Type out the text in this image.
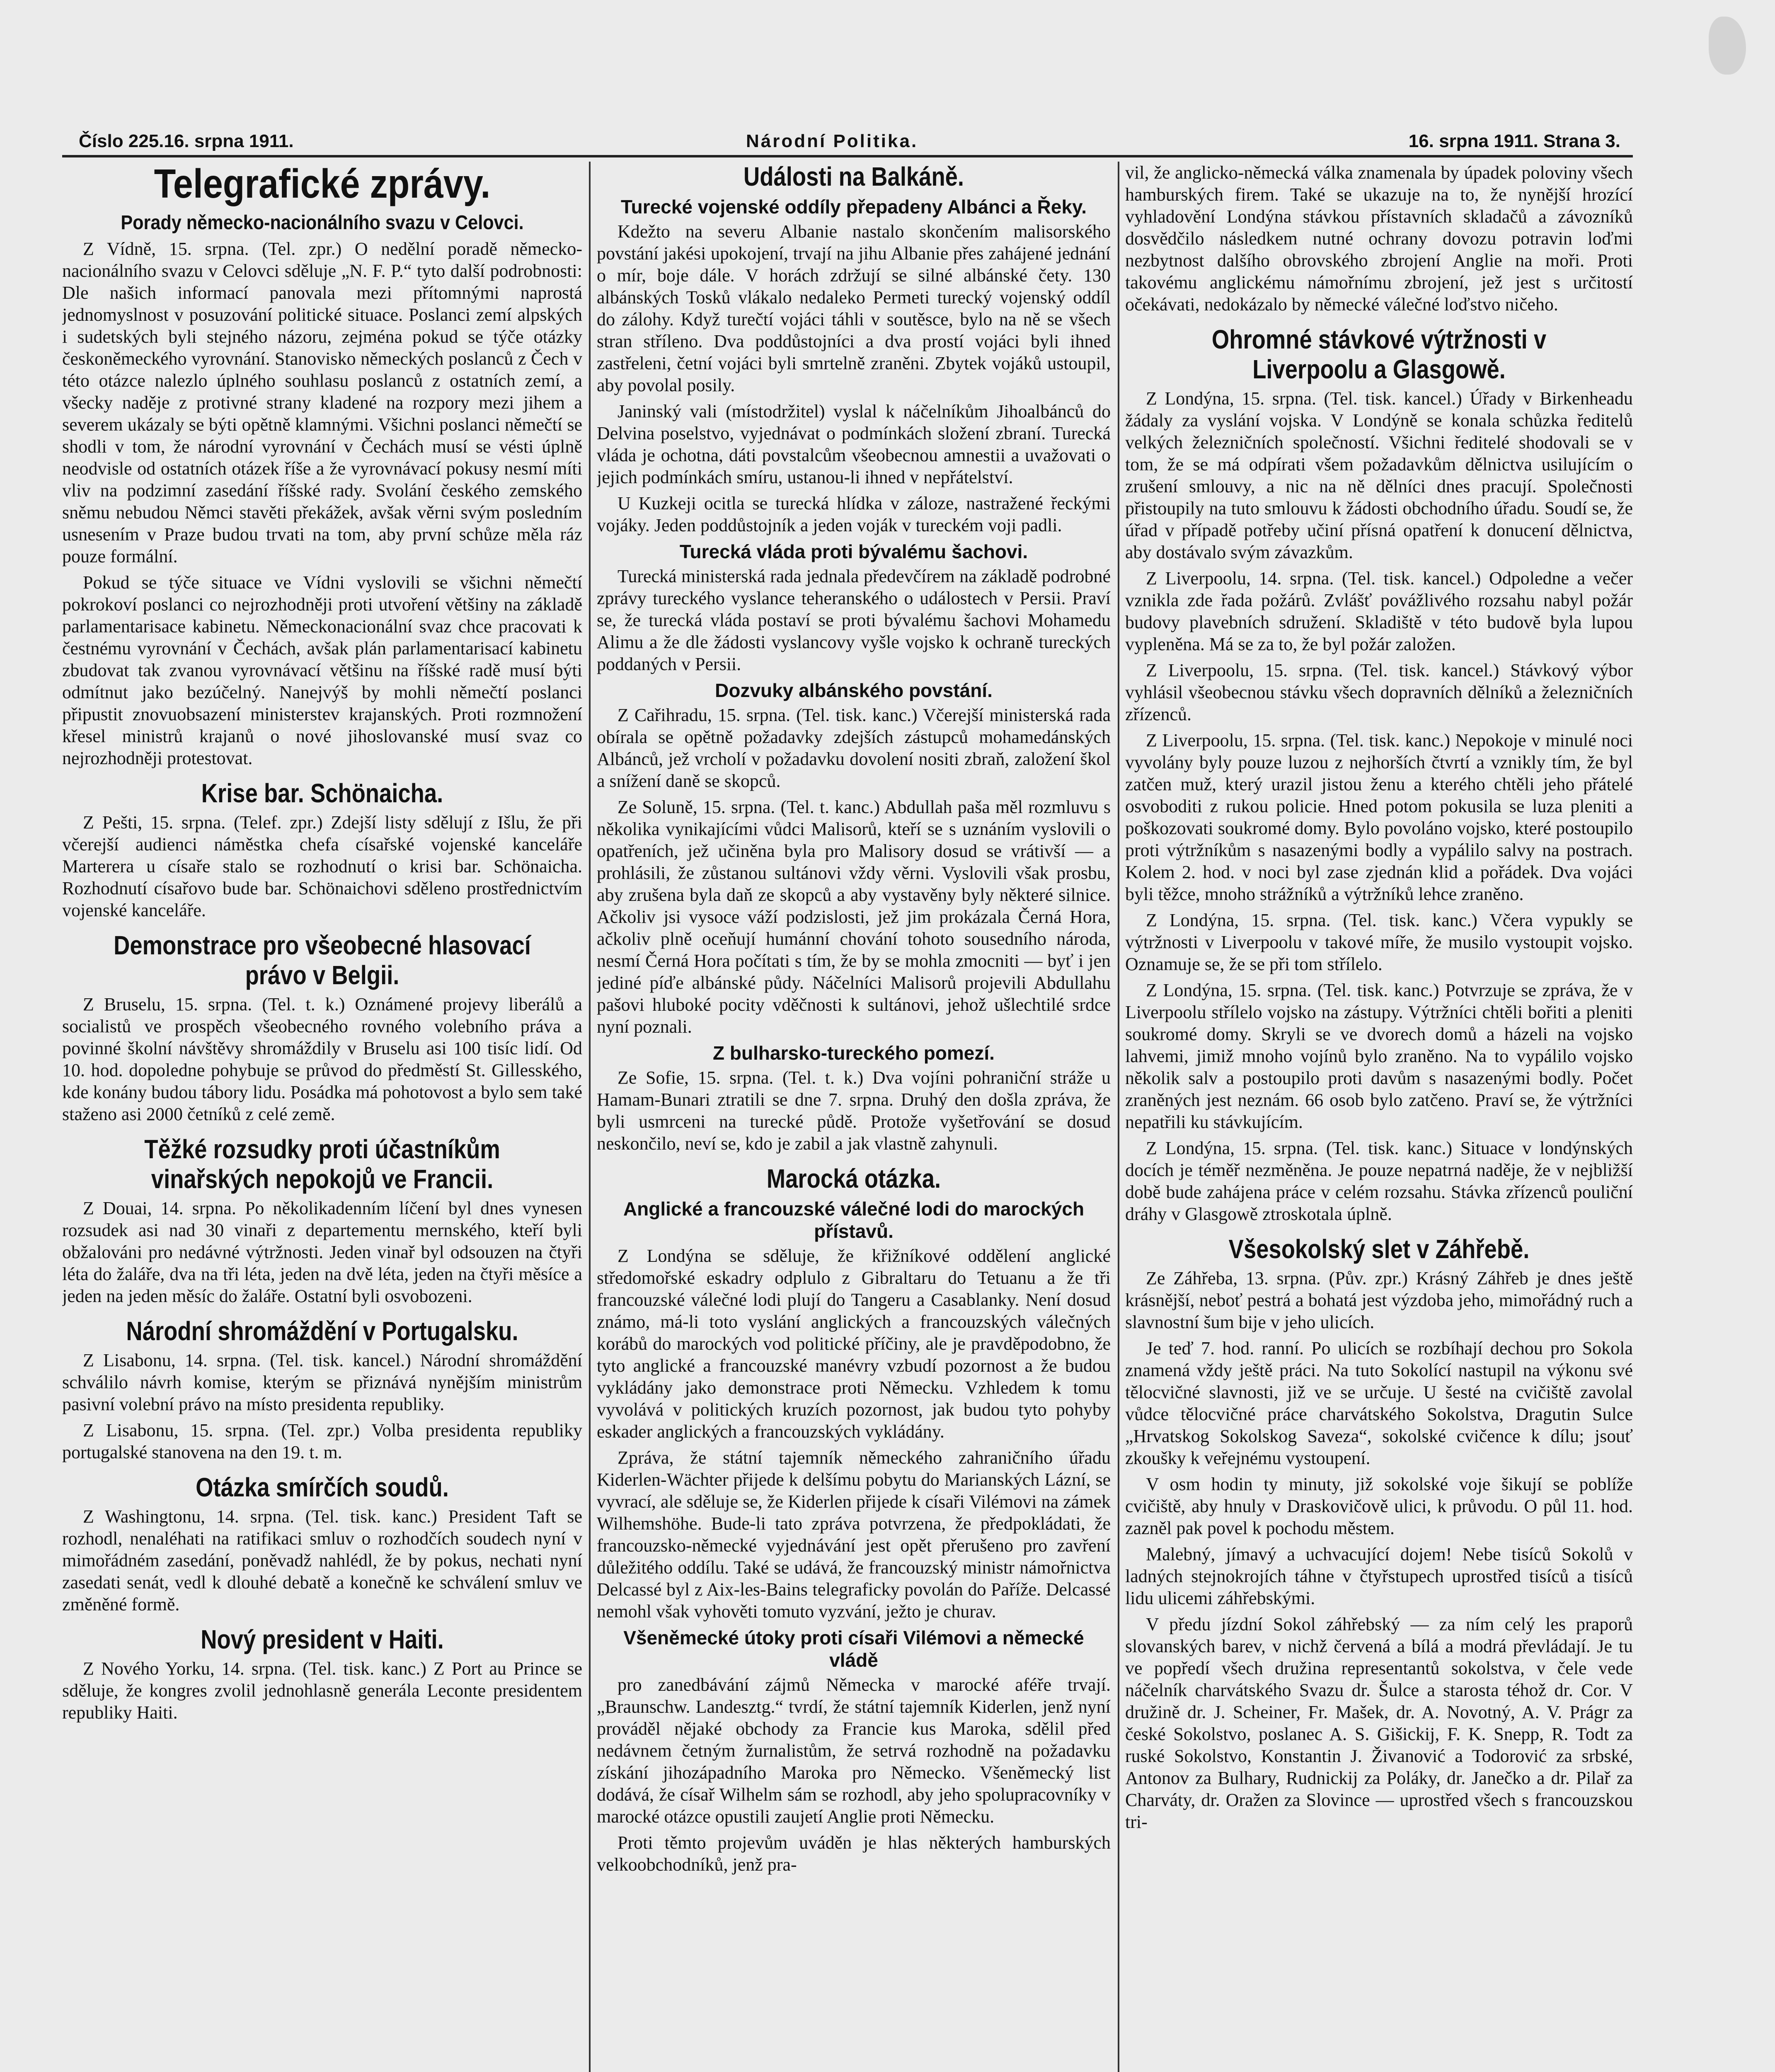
Číslo 225.16. srpna 1911.	Národní Politika.	16. srpna 1911. Strana 3.
Telegrafické zprávy.
Porady německo-nacionálního svazu v Celovci.

Z Vídně, 15. srpna. (Tel. zpr.) O nedělní poradě německo-nacionálního svazu v Celovci sděluje „N. F. P.“ tyto další podrobnosti: Dle našich informací panovala mezi přítomnými naprostá jednomyslnost v posuzování politické situace. Poslanci zemí alpských i sudetských byli stejného názoru, zejména pokud se týče otázky českoněmeckého vyrovnání. Stanovisko německých poslanců z Čech v této otázce nalezlo úplného souhlasu poslanců z ostatních zemí, a všecky naděje z protivné strany kladené na rozpory mezi jihem a severem ukázaly se býti opětně klamnými. Všichni poslanci němečtí se shodli v tom, že národní vyrovnání v Čechách musí se vésti úplně neodvisle od ostatních otázek říše a že vyrovnávací pokusy nesmí míti vliv na podzimní zasedání říšské rady. Svolání českého zemského sněmu nebudou Němci stavěti překážek, avšak věrni svým posledním usnesením v Praze budou trvati na tom, aby první schůze měla ráz pouze formální.

Pokud se týče situace ve Vídni vyslovili se všichni němečtí pokrokoví poslanci co nejrozhodněji proti utvoření většiny na základě parlamentarisace kabinetu. Německonacionální svaz chce pracovati k čestnému vyrovnání v Čechách, avšak plán parlamentarisací kabinetu zbudovat tak zvanou vyrovnávací většinu na říšské radě musí býti odmítnut jako bezúčelný. Nanejvýš by mohli němečtí poslanci připustit znovuobsazení ministerstev krajanských. Proti rozmnožení křesel ministrů krajanů o nové jihoslovanské musí svaz co nejrozhodněji protestovat.

Krise bar. Schönaicha.

Z Pešti, 15. srpna. (Telef. zpr.) Zdejší listy sdělují z Išlu, že při včerejší audienci náměstka chefa císařské vojenské kanceláře Marterera u císaře stalo se rozhodnutí o krisi bar. Schönaicha. Rozhodnutí císařovo bude bar. Schönaichovi sděleno prostřednictvím vojenské kanceláře.

Demonstrace pro všeobecné hlasovací právo v Belgii.

Z Bruselu, 15. srpna. (Tel. t. k.) Oznámené projevy liberálů a socialistů ve prospěch všeobecného rovného volebního práva a povinné školní návštěvy shromáždily v Bruselu asi 100 tisíc lidí. Od 10. hod. dopoledne pohybuje se průvod do předměstí St. Gillesského, kde konány budou tábory lidu. Posádka má pohotovost a bylo sem také staženo asi 2000 četníků z celé země.

Těžké rozsudky proti účastníkům vinařských nepokojů ve Francii.

Z Douai, 14. srpna. Po několikadenním líčení byl dnes vynesen rozsudek asi nad 30 vinaři z departementu mernského, kteří byli obžalováni pro nedávné výtržnosti. Jeden vinař byl odsouzen na čtyři léta do žaláře, dva na tři léta, jeden na dvě léta, jeden na čtyři měsíce a jeden na jeden měsíc do žaláře. Ostatní byli osvobozeni.

Národní shromáždění v Portugalsku.

Z Lisabonu, 14. srpna. (Tel. tisk. kancel.) Národní shromáždění schválilo návrh komise, kterým se přiznává nynějším ministrům pasivní volební právo na místo presidenta republiky.

Z Lisabonu, 15. srpna. (Tel. zpr.) Volba presidenta republiky portugalské stanovena na den 19. t. m.

Otázka smírčích soudů.

Z Washingtonu, 14. srpna. (Tel. tisk. kanc.) President Taft se rozhodl, nenaléhati na ratifikaci smluv o rozhodčích soudech nyní v mimořádném zasedání, poněvadž nahlédl, že by pokus, nechati nyní zasedati senát, vedl k dlouhé debatě a konečně ke schválení smluv ve změněné formě.

Nový president v Haiti.

Z Nového Yorku, 14. srpna. (Tel. tisk. kanc.) Z Port au Prince se sděluje, že kongres zvolil jednohlasně generála Leconte presidentem republiky Haiti.

Události na Balkáně.
Turecké vojenské oddíly přepadeny Albánci a Řeky.

Kdežto na severu Albanie nastalo skončením malisorského povstání jakési upokojení, trvají na jihu Albanie přes zahájené jednání o mír, boje dále. V horách zdržují se silné albánské čety. 130 albánských Tosků vlákalo nedaleko Permeti turecký vojenský oddíl do zálohy. Když turečtí vojáci táhli v soutěsce, bylo na ně se všech stran stříleno. Dva poddůstojníci a dva prostí vojáci byli ihned zastřeleni, četní vojáci byli smrtelně zraněni. Zbytek vojáků ustoupil, aby povolal posily.

Janinský vali (místodržitel) vyslal k náčelníkům Jihoalbánců do Delvina poselstvo, vyjednávat o podmínkách složení zbraní. Turecká vláda je ochotna, dáti povstalcům všeobecnou amnestii a uvažovati o jejich podmínkách smíru, ustanou-li ihned v nepřátelství.

U Kuzkeji ocitla se turecká hlídka v záloze, nastražené řeckými vojáky. Jeden poddůstojník a jeden voják v tureckém voji padli.

Turecká vláda proti bývalému šachovi.

Turecká ministerská rada jednala předevčírem na základě podrobné zprávy tureckého vyslance teheranského o událostech v Persii. Praví se, že turecká vláda postaví se proti bývalému šachovi Mohamedu Alimu a že dle žádosti vyslancovy vyšle vojsko k ochraně tureckých poddaných v Persii.

Dozvuky albánského povstání.

Z Cařihradu, 15. srpna. (Tel. tisk. kanc.) Včerejší ministerská rada obírala se opětně požadavky zdejších zástupců mohamedánských Albánců, jež vrcholí v požadavku dovolení nositi zbraň, založení škol a snížení daně se skopců.

Ze Soluně, 15. srpna. (Tel. t. kanc.) Abdullah paša měl rozmluvu s několika vynikajícími vůdci Malisorů, kteří se s uznáním vyslovili o opatřeních, jež učiněna byla pro Malisory dosud se vrátivší — a prohlásili, že zůstanou sultánovi vždy věrni. Vyslovili však prosbu, aby zrušena byla daň ze skopců a aby vystavěny byly některé silnice. Ačkoliv jsi vysoce váží podzislosti, jež jim prokázala Černá Hora, ačkoliv plně oceňují humánní chování tohoto sousedního národa, nesmí Černá Hora počítati s tím, že by se mohla zmocniti — byť i jen jediné píďe albánské půdy. Náčelníci Malisorů projevili Abdullahu pašovi hluboké pocity vděčnosti k sultánovi, jehož ušlechtilé srdce nyní poznali.

Z bulharsko-tureckého pomezí.

Ze Sofie, 15. srpna. (Tel. t. k.) Dva vojíni pohraniční stráže u Hamam-Bunari ztratili se dne 7. srpna. Druhý den došla zpráva, že byli usmrceni na turecké půdě. Protože vyšetřování se dosud neskončilo, neví se, kdo je zabil a jak vlastně zahynuli.

Marocká otázka.
Anglické a francouzské válečné lodi do marockých přístavů.

Z Londýna se sděluje, že křižníkové oddělení anglické středomořské eskadry odplulo z Gibraltaru do Tetuanu a že tři francouzské válečné lodi plují do Tangeru a Casablanky. Není dosud známo, má-li toto vyslání anglických a francouzských válečných korábů do marockých vod politické příčiny, ale je pravděpodobno, že tyto anglické a francouzské manévry vzbudí pozornost a že budou vykládány jako demonstrace proti Německu. Vzhledem k tomu vyvolává v politických kruzích pozornost, jak budou tyto pohyby eskader anglických a francouzských vykládány.

Zpráva, že státní tajemník německého zahraničního úřadu Kiderlen-Wächter přijede k delšímu pobytu do Marianských Lázní, se vyvrací, ale sděluje se, že Kiderlen přijede k císaři Vilémovi na zámek Wilhemshöhe. Bude-li tato zpráva potvrzena, že předpokládati, že francouzsko-německé vyjednávání jest opět přerušeno pro zavření důležitého oddílu. Také se udává, že francouzský ministr námořnictva Delcassé byl z Aix-les-Bains telegraficky povolán do Paříže. Delcassé nemohl však vyhověti tomuto vyzvání, ježto je churav.

Všeněmecké útoky proti císaři Vilémovi a německé vládě

pro zanedbávání zájmů Německa v marocké aféře trvají. „Braunschw. Landesztg.“ tvrdí, že státní tajemník Kiderlen, jenž nyní prováděl nějaké obchody za Francie kus Maroka, sdělil před nedávnem četným žurnalistům, že setrvá rozhodně na požadavku získání jihozápadního Maroka pro Německo. Všeněmecký list dodává, že císař Wilhelm sám se rozhodl, aby jeho spolupracovníky v marocké otázce opustili zaujetí Anglie proti Německu.

Proti těmto projevům uváděn je hlas některých hamburských velkoobchodníků, jenž pra-

vil, že anglicko-německá válka znamenala by úpadek poloviny všech hamburských firem. Také se ukazuje na to, že nynější hrozící vyhladovění Londýna stávkou přístavních skladačů a závozníků dosvědčilo následkem nutné ochrany dovozu potravin loďmi nezbytnost dalšího obrovského zbrojení Anglie na moři. Proti takovému anglickému námořnímu zbrojení, jež jest s určitostí očekávati, nedokázalo by německé válečné loďstvo ničeho.

Ohromné stávkové výtržnosti v Liverpoolu a Glasgowě.

Z Londýna, 15. srpna. (Tel. tisk. kancel.) Úřady v Birkenheadu žádaly za vyslání vojska. V Londýně se konala schůzka ředitelů velkých železničních společností. Všichni ředitelé shodovali se v tom, že se má odpírati všem požadavkům dělnictva usilujícím o zrušení smlouvy, a nic na ně dělníci dnes pracují. Společnosti přistoupily na tuto smlouvu k žádosti obchodního úřadu. Soudí se, že úřad v případě potřeby učiní přísná opatření k donucení dělnictva, aby dostávalo svým závazkům.

Z Liverpoolu, 14. srpna. (Tel. tisk. kancel.) Odpoledne a večer vznikla zde řada požárů. Zvlášť povážlivého rozsahu nabyl požár budovy plavebních sdružení. Skladiště v této budově byla lupou vypleněna. Má se za to, že byl požár založen.

Z Liverpoolu, 15. srpna. (Tel. tisk. kancel.) Stávkový výbor vyhlásil všeobecnou stávku všech dopravních dělníků a železničních zřízenců.

Z Liverpoolu, 15. srpna. (Tel. tisk. kanc.) Nepokoje v minulé noci vyvolány byly pouze luzou z nejhorších čtvrtí a vznikly tím, že byl zatčen muž, který urazil jistou ženu a kterého chtěli jeho přátelé osvoboditi z rukou policie. Hned potom pokusila se luza pleniti a poškozovati soukromé domy. Bylo povoláno vojsko, které postoupilo proti výtržníkům s nasazenými bodly a vypálilo salvy na postrach. Kolem 2. hod. v noci byl zase zjednán klid a pořádek. Dva vojáci byli těžce, mnoho strážníků a výtržníků lehce zraněno.

Z Londýna, 15. srpna. (Tel. tisk. kanc.) Včera vypukly se výtržnosti v Liverpoolu v takové míře, že musilo vystoupit vojsko. Oznamuje se, že se při tom střílelo.

Z Londýna, 15. srpna. (Tel. tisk. kanc.) Potvrzuje se zpráva, že v Liverpoolu střílelo vojsko na zástupy. Výtržníci chtěli bořiti a pleniti soukromé domy. Skryli se ve dvorech domů a házeli na vojsko lahvemi, jimiž mnoho vojínů bylo zraněno. Na to vypálilo vojsko několik salv a postoupilo proti davům s nasazenými bodly. Počet zraněných jest neznám. 66 osob bylo zatčeno. Praví se, že výtržníci nepatřili ku stávkujícím.

Z Londýna, 15. srpna. (Tel. tisk. kanc.) Situace v londýnských docích je téměř nezměněna. Je pouze nepatrná naděje, že v nejbližší době bude zahájena práce v celém rozsahu. Stávka zřízenců pouliční dráhy v Glasgowě ztroskotala úplně.

Všesokolský slet v Záhřebě.

Ze Záhřeba, 13. srpna. (Pův. zpr.) Krásný Záhřeb je dnes ještě krásnější, neboť pestrá a bohatá jest výzdoba jeho, mimořádný ruch a slavnostní šum bije v jeho ulicích.

Je teď 7. hod. ranní. Po ulicích se rozbíhají dechou pro Sokola znamená vždy ještě práci. Na tuto Sokolící nastupil na výkonu své tělocvičné slavnosti, již ve se určuje. U šesté na cvičiště zavolal vůdce tělocvičné práce charvátského Sokolstva, Dragutin Sulce „Hrvatskog Sokolskog Saveza“, sokolské cvičence k dílu; jsouť zkoušky k veřejnému vystoupení.

V osm hodin ty minuty, již sokolské voje šikují se poblíže cvičiště, aby hnuly v Draskovičově ulici, k průvodu. O půl 11. hod. zazněl pak povel k pochodu městem.

Malebný, jímavý a uchvacující dojem! Nebe tisíců Sokolů v ladných stejnokrojích táhne v čtyřstupech uprostřed tisíců a tisíců lidu ulicemi záhřebskými.

V předu jízdní Sokol záhřebský — za ním celý les praporů slovanských barev, v nichž červená a bílá a modrá převládají. Je tu ve popředí všech družina representantů sokolstva, v čele vede náčelník charvátského Svazu dr. Šulce a starosta téhož dr. Cor. V družině dr. J. Scheiner, Fr. Mašek, dr. A. Novotný, A. V. Prágr za české Sokolstvo, poslanec A. S. Gišickij, F. K. Snepp, R. Todt za ruské Sokolstvo, Konstantin J. Živanović a Todorović za srbské, Antonov za Bulhary, Rudnickij za Poláky, dr. Janečko a dr. Pilař za Charváty, dr. Oražen za Slovince — uprostřed všech s francouzskou tri-
